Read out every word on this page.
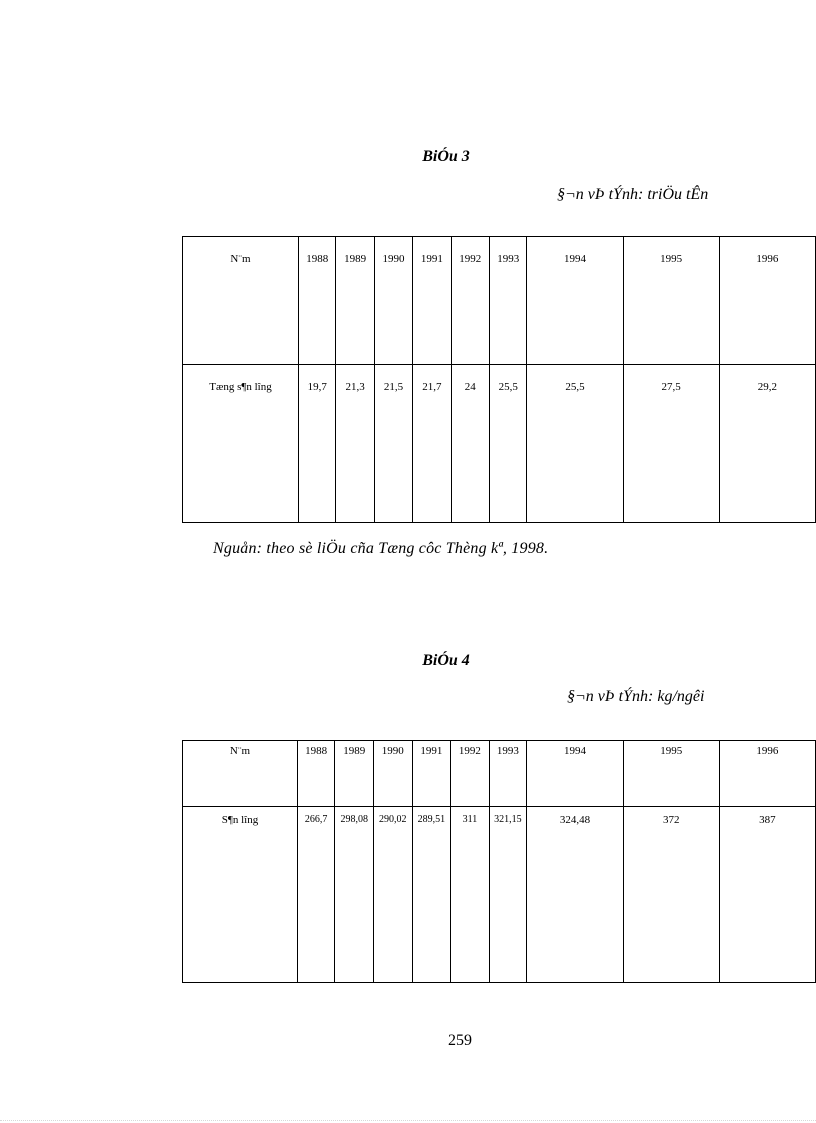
BiÓu 3
§¬n vÞ tÝnh: triÖu tÊn
N¨m	1988	1989	1990	1991	1992	1993	1994	1995	1996
Tæng s¶n lîng	19,7	21,3	21,5	21,7	24	25,5	25,5	27,5	29,2
Nguån: theo sè liÖu cña Tæng côc Thèng kª, 1998.
BiÓu 4
§¬n vÞ tÝnh: kg/ngêi
N¨m	1988	1989	1990	1991	1992	1993	1994	1995	1996
S¶n lîng	266,7	298,08	290,02	289,51	311	321,15	324,48	372	387
259
